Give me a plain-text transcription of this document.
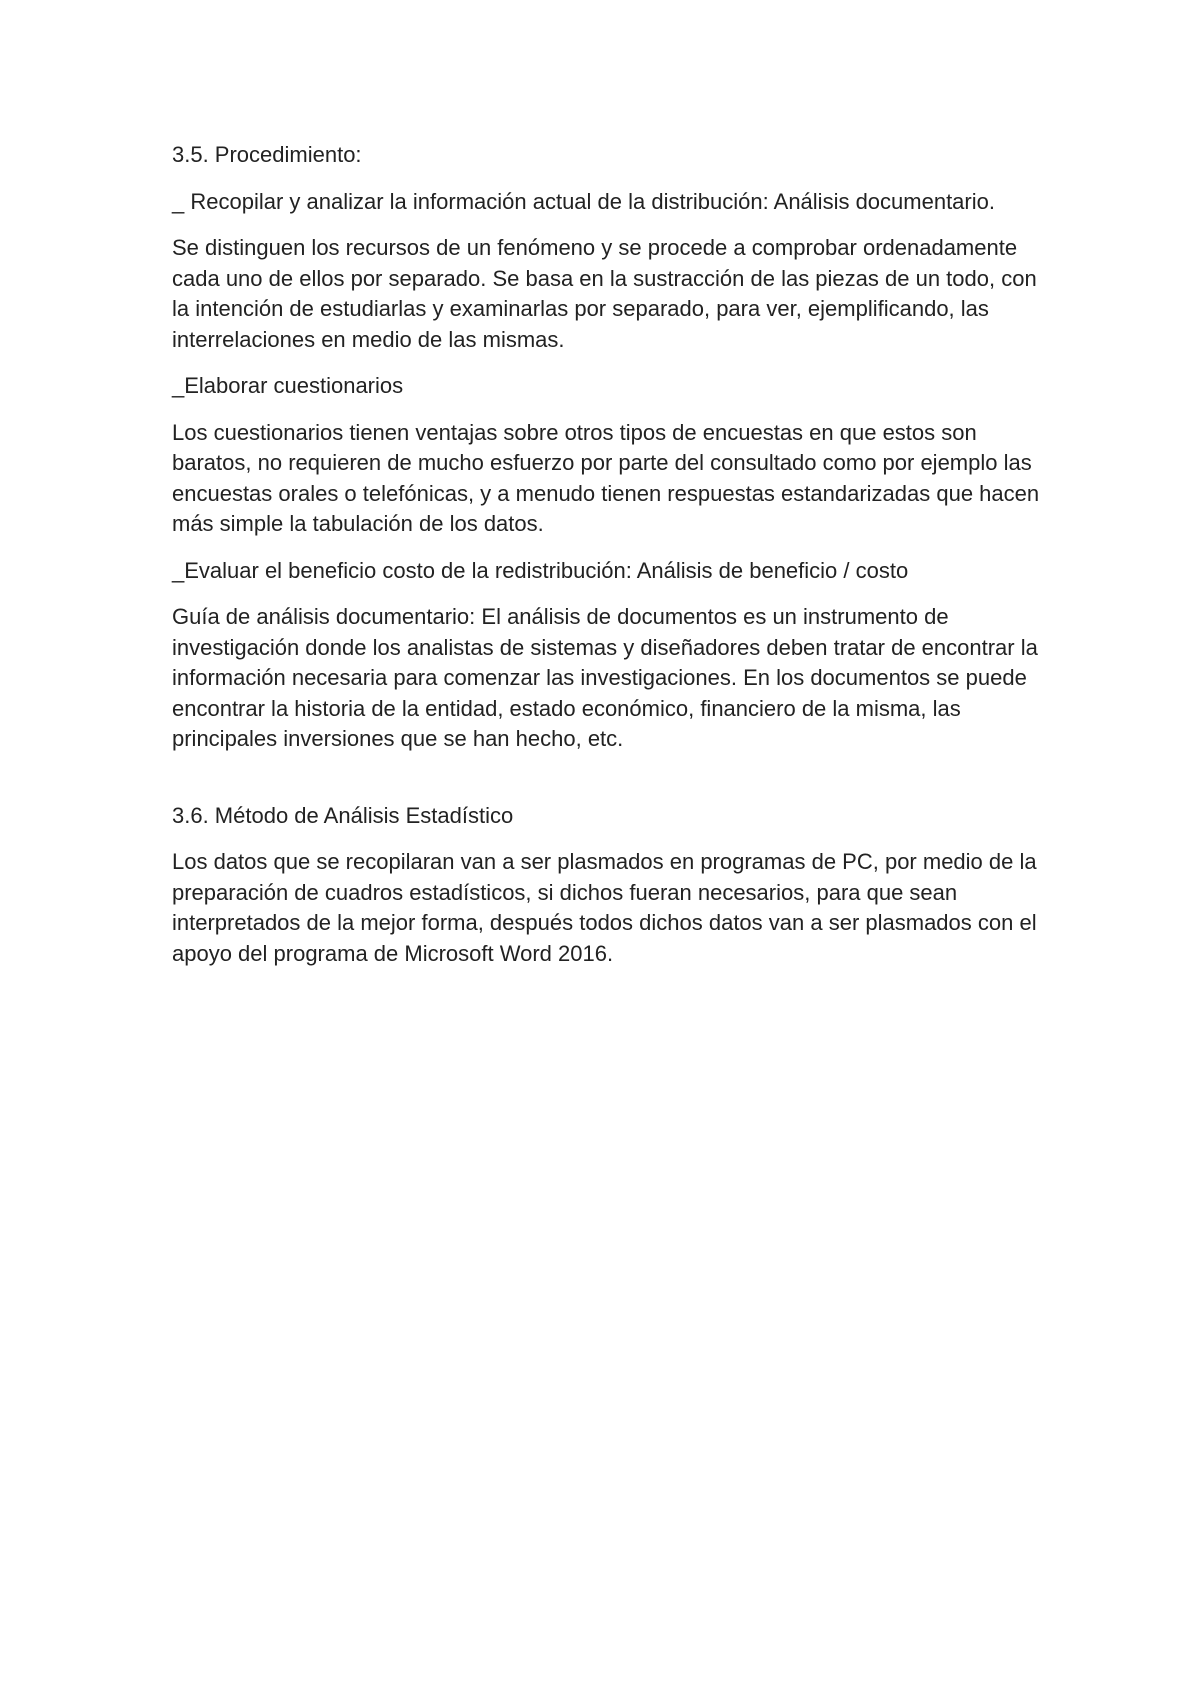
3.5. Procedimiento:

_ Recopilar y analizar la información actual de la distribución: Análisis documentario.

Se distinguen los recursos de un fenómeno y se procede a comprobar ordenadamente cada uno de ellos por separado. Se basa en la sustracción de las piezas de un todo, con la intención de estudiarlas y examinarlas por separado, para ver, ejemplificando, las interrelaciones en medio de las mismas.

_Elaborar cuestionarios

Los cuestionarios tienen ventajas sobre otros tipos de encuestas en que estos son baratos, no requieren de mucho esfuerzo por parte del consultado como por ejemplo las encuestas orales o telefónicas, y a menudo tienen respuestas estandarizadas que hacen más simple la tabulación de los datos.

_Evaluar el beneficio costo de la redistribución: Análisis de beneficio / costo

Guía de análisis documentario: El análisis de documentos es un instrumento de investigación donde los analistas de sistemas y diseñadores deben tratar de encontrar la información necesaria para comenzar las investigaciones. En los documentos se puede encontrar la historia de la entidad, estado económico, financiero de la misma, las principales inversiones que se han hecho, etc.

3.6. Método de Análisis Estadístico

Los datos que se recopilaran van a ser plasmados en programas de PC, por medio de la preparación de cuadros estadísticos, si dichos fueran necesarios, para que sean interpretados de la mejor forma, después todos dichos datos van a ser plasmados con el apoyo del programa de Microsoft Word 2016.
